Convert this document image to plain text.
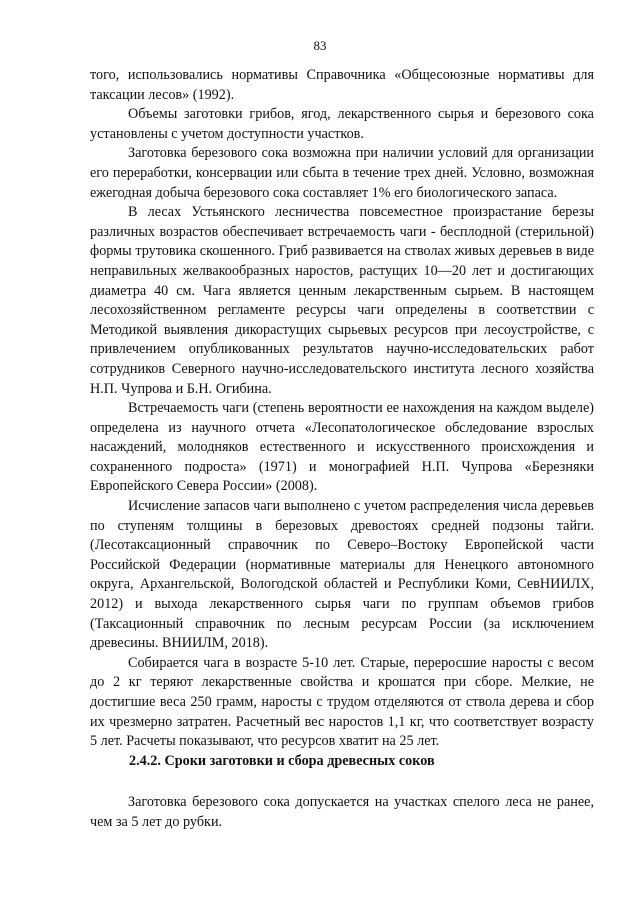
83

того, использовались нормативы Справочника «Общесоюзные нормативы для таксации лесов» (1992).

Объемы заготовки грибов, ягод, лекарственного сырья и березового сока установлены с учетом доступности участков.

Заготовка березового сока возможна при наличии условий для организации его переработки, консервации или сбыта в течение трех дней. Условно, возможная ежегодная добыча березового сока составляет 1% его биологического запаса.

В лесах Устьянского лесничества повсеместное произрастание березы различных возрастов обеспечивает встречаемость чаги - бесплодной (стерильной) формы трутовика скошенного. Гриб развивается на стволах живых деревьев в виде неправильных желвакообразных наростов, растущих 10—20 лет и достигающих диаметра 40 см. Чага является ценным лекарственным сырьем. В настоящем лесохозяйственном регламенте ресурсы чаги определены в соответствии с Методикой выявления дикорастущих сырьевых ресурсов при лесоустройстве, с привлечением опубликованных результатов научно-исследовательских работ сотрудников Северного научно-исследовательского института лесного хозяйства Н.П. Чупрова и Б.Н. Огибина.

Встречаемость чаги (степень вероятности ее нахождения на каждом выделе) определена из научного отчета «Лесопатологическое обследование взрослых насаждений, молодняков естественного и искусственного происхождения и сохраненного подроста» (1971) и монографией Н.П. Чупрова «Березняки Европейского Севера России» (2008).

Исчисление запасов чаги выполнено с учетом распределения числа деревьев по ступеням толщины в березовых древостоях средней подзоны тайги. (Лесотаксационный справочник по Северо–Востоку Европейской части Российской Федерации (нормативные материалы для Ненецкого автономного округа, Архангельской, Вологодской областей и Республики Коми, СевНИИЛХ, 2012) и выхода лекарственного сырья чаги по группам объемов грибов (Таксационный справочник по лесным ресурсам России (за исключением древесины. ВНИИЛМ, 2018).

Собирается чага в возрасте 5-10 лет. Старые, переросшие наросты с весом до 2 кг теряют лекарственные свойства и крошатся при сборе. Мелкие, не достигшие веса 250 грамм, наросты с трудом отделяются от ствола дерева и сбор их чрезмерно затратен. Расчетный вес наростов 1,1 кг, что соответствует возрасту 5 лет. Расчеты показывают, что ресурсов хватит на 25 лет.

2.4.2. Сроки заготовки и сбора древесных соков

Заготовка березового сока допускается на участках спелого леса не ранее, чем за 5 лет до рубки.
